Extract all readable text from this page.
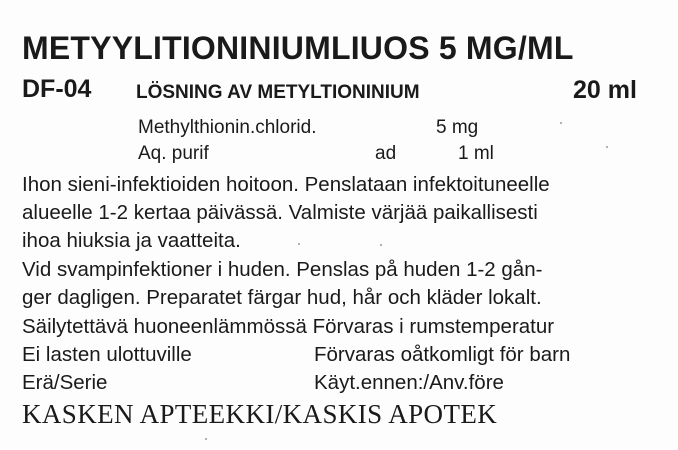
METYYLITIONINIUMLIUOS 5 MG/ML
DF-04 LÖSNING AV METYLTIONINIUM	20 ml
Methylthionin.chlorid.	5 mg
Aq. purif	ad	1 ml
Ihon sieni-infektioiden hoitoon. Penslataan infektoituneelle
alueelle 1-2 kertaa päivässä. Valmiste värjää paikallisesti
ihoa hiuksia ja vaatteita.
Vid svampinfektioner i huden. Penslas på huden 1-2 gån-
ger dagligen. Preparatet färgar hud, hår och kläder lokalt.
Säilytettävä huoneenlämmössä Förvaras i rumstemperatur
Ei lasten ulottuville	Förvaras oåtkomligt för barn
Erä/Serie	Käyt.ennen:/Anv.före
KASKEN APTEEKKI/KASKIS APOTEK
